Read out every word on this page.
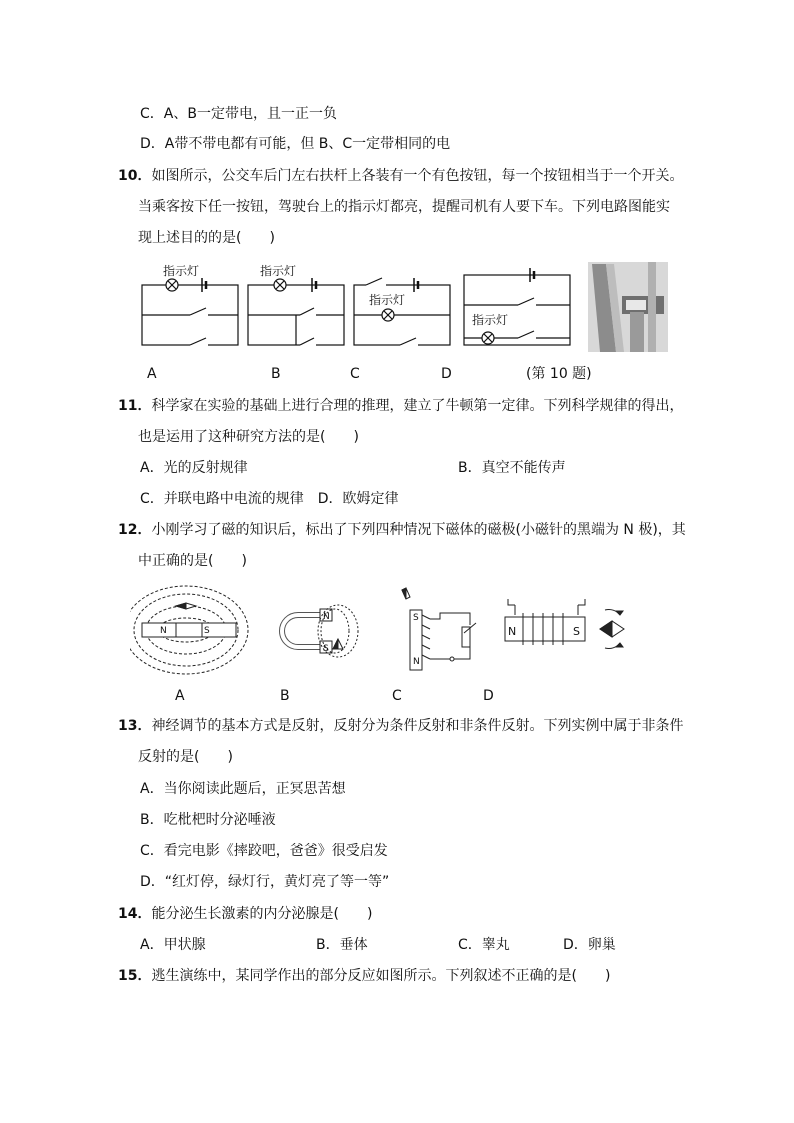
C．A、B一定带电，且一正一负
D．A带不带电都有可能，但 B、C一定带相同的电
10．如图所示，公交车后门左右扶杆上各装有一个有色按钮，每一个按钮相当于一个开关。
当乘客按下任一按钮，驾驶台上的指示灯都亮，提醒司机有人要下车。下列电路图能实
现上述目的的是(　　)
指示灯	指示灯
指示灯
指示灯
A	B	C	D	(第 10 题)
11．科学家在实验的基础上进行合理的推理，建立了牛顿第一定律。下列科学规律的得出，
也是运用了这种研究方法的是(　　)
A．光的反射规律	B．真空不能传声
C．并联电路中电流的规律　D．欧姆定律
12．小刚学习了磁的知识后，标出了下列四种情况下磁体的磁极(小磁针的黑端为 N 极)，其
中正确的是(　　)
N	S
N
S
S
N
N	S
A	B	C	D
13．神经调节的基本方式是反射，反射分为条件反射和非条件反射。下列实例中属于非条件
反射的是(　　)
A．当你阅读此题后，正冥思苦想
B．吃枇杷时分泌唾液
C．看完电影《摔跤吧，爸爸》很受启发
D．“红灯停，绿灯行，黄灯亮了等一等”
14．能分泌生长激素的内分泌腺是(　　)
A．甲状腺	B．垂体	C．睾丸	D．卵巢
15．逃生演练中，某同学作出的部分反应如图所示。下列叙述不正确的是(　　)
